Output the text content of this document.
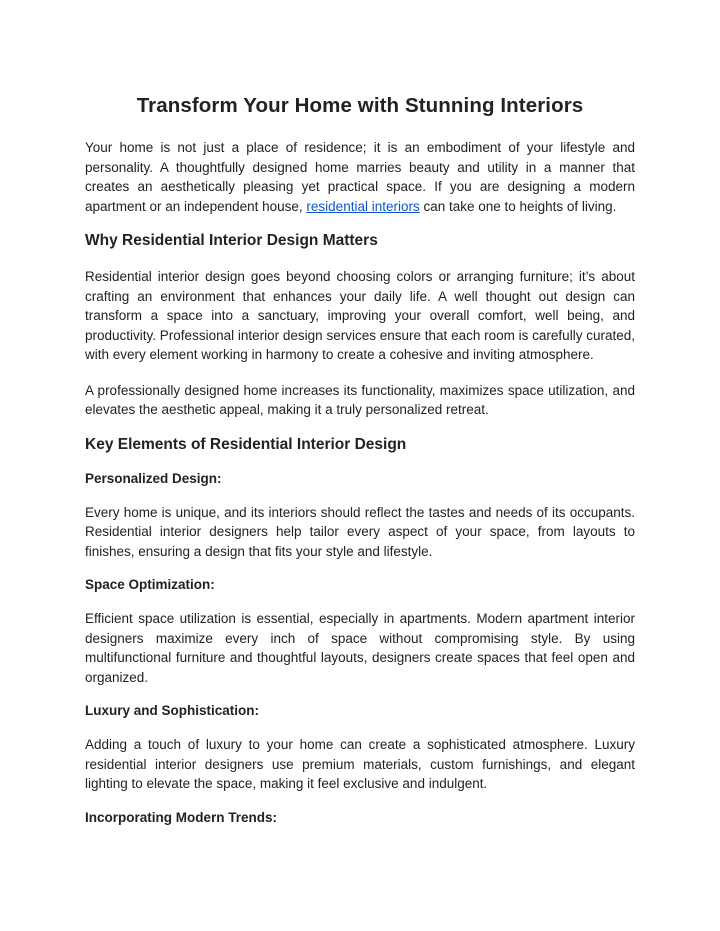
Transform Your Home with Stunning Interiors

Your home is not just a place of residence; it is an embodiment of your lifestyle and personality. A thoughtfully designed home marries beauty and utility in a manner that creates an aesthetically pleasing yet practical space. If you are designing a modern apartment or an independent house, residential interiors can take one to heights of living.

Why Residential Interior Design Matters

Residential interior design goes beyond choosing colors or arranging furniture; it’s about crafting an environment that enhances your daily life. A well thought out design can transform a space into a sanctuary, improving your overall comfort, well being, and productivity. Professional interior design services ensure that each room is carefully curated, with every element working in harmony to create a cohesive and inviting atmosphere.

A professionally designed home increases its functionality, maximizes space utilization, and elevates the aesthetic appeal, making it a truly personalized retreat.

Key Elements of Residential Interior Design
Personalized Design:

Every home is unique, and its interiors should reflect the tastes and needs of its occupants. Residential interior designers help tailor every aspect of your space, from layouts to finishes, ensuring a design that fits your style and lifestyle.

Space Optimization:

Efficient space utilization is essential, especially in apartments. Modern apartment interior designers maximize every inch of space without compromising style. By using multifunctional furniture and thoughtful layouts, designers create spaces that feel open and organized.

Luxury and Sophistication:

Adding a touch of luxury to your home can create a sophisticated atmosphere. Luxury residential interior designers use premium materials, custom furnishings, and elegant lighting to elevate the space, making it feel exclusive and indulgent.

Incorporating Modern Trends:
